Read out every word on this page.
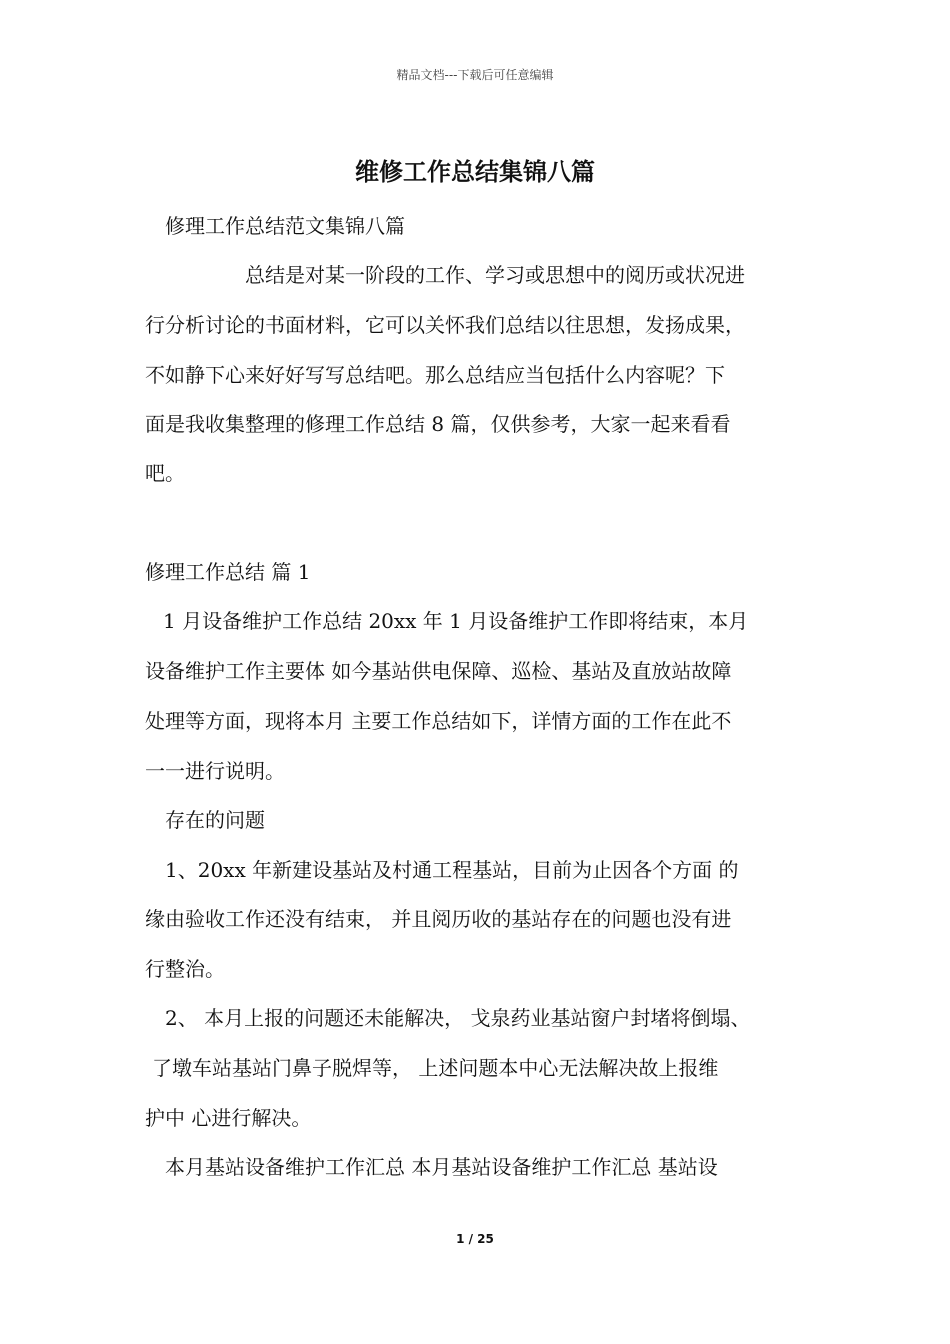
精品文档---下载后可任意编辑
维修工作总结集锦八篇
修理工作总结范文集锦八篇
总结是对某一阶段的工作、学习或思想中的阅历或状况进
行分析讨论的书面材料，它可以关怀我们总结以往思想，发扬成果，
不如静下心来好好写写总结吧。那么总结应当包括什么内容呢？下
面是我收集整理的修理工作总结 8 篇，仅供参考，大家一起来看看
吧。
修理工作总结 篇 1
1 月设备维护工作总结 20xx 年 1 月设备维护工作即将结束，本月
设备维护工作主要体 如今基站供电保障、巡检、基站及直放站故障
处理等方面，现将本月 主要工作总结如下，详情方面的工作在此不
一一进行说明。
存在的问题
1、20xx 年新建设基站及村通工程基站，目前为止因各个方面 的
缘由验收工作还没有结束， 并且阅历收的基站存在的问题也没有进
行整治。
2、 本月上报的问题还未能解决， 戈泉药业基站窗户封堵将倒塌、
了墩车站基站门鼻子脱焊等， 上述问题本中心无法解决故上报维
护中 心进行解决。
本月基站设备维护工作汇总 本月基站设备维护工作汇总 基站设
1 / 25
